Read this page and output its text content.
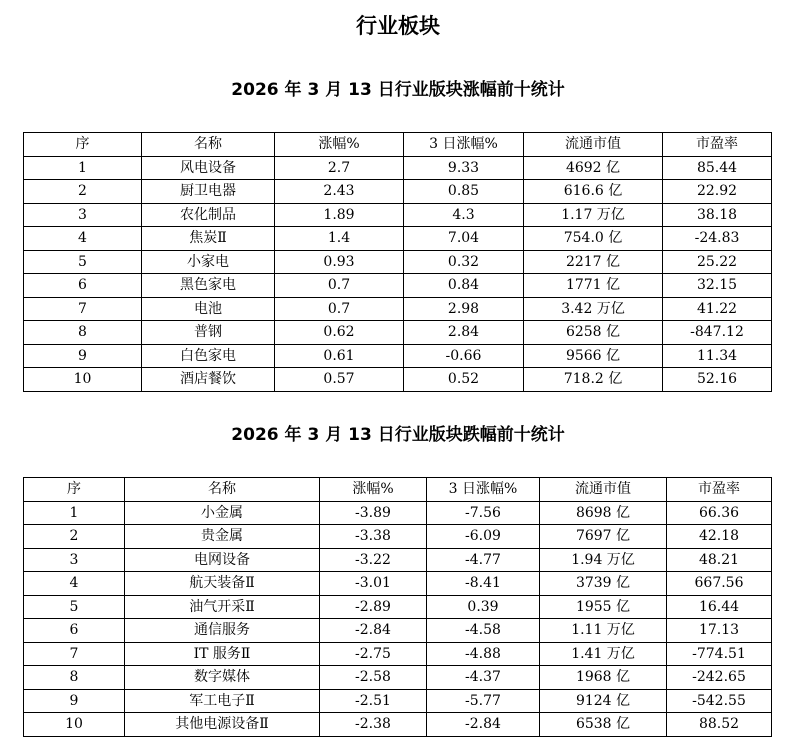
行业板块
2026 年 3 月 13 日行业版块涨幅前十统计
序	名称	涨幅%	3 日涨幅%	流通市值	市盈率
1	风电设备	2.7	9.33	4692 亿	85.44
2	厨卫电器	2.43	0.85	616.6 亿	22.92
3	农化制品	1.89	4.3	1.17 万亿	38.18
4	焦炭Ⅱ	1.4	7.04	754.0 亿	-24.83
5	小家电	0.93	0.32	2217 亿	25.22
6	黑色家电	0.7	0.84	1771 亿	32.15
7	电池	0.7	2.98	3.42 万亿	41.22
8	普钢	0.62	2.84	6258 亿	-847.12
9	白色家电	0.61	-0.66	9566 亿	11.34
10	酒店餐饮	0.57	0.52	718.2 亿	52.16
2026 年 3 月 13 日行业版块跌幅前十统计
序	名称	涨幅%	3 日涨幅%	流通市值	市盈率
1	小金属	-3.89	-7.56	8698 亿	66.36
2	贵金属	-3.38	-6.09	7697 亿	42.18
3	电网设备	-3.22	-4.77	1.94 万亿	48.21
4	航天装备Ⅱ	-3.01	-8.41	3739 亿	667.56
5	油气开采Ⅱ	-2.89	0.39	1955 亿	16.44
6	通信服务	-2.84	-4.58	1.11 万亿	17.13
7	IT 服务Ⅱ	-2.75	-4.88	1.41 万亿	-774.51
8	数字媒体	-2.58	-4.37	1968 亿	-242.65
9	军工电子Ⅱ	-2.51	-5.77	9124 亿	-542.55
10	其他电源设备Ⅱ	-2.38	-2.84	6538 亿	88.52
